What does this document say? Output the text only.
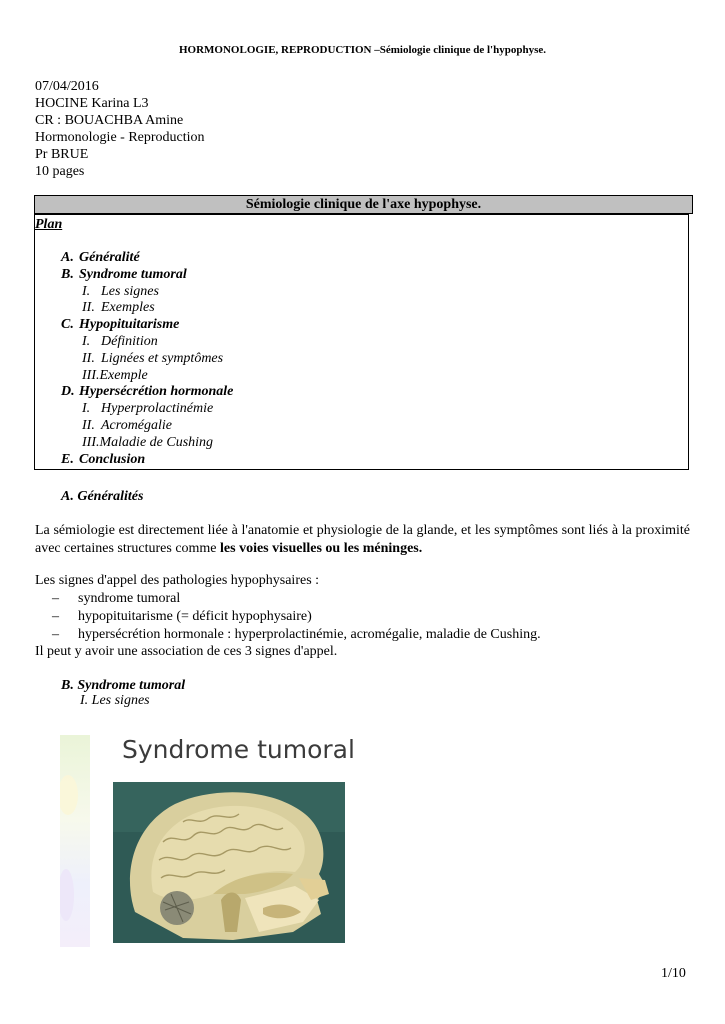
HORMONOLOGIE, REPRODUCTION –Sémiologie clinique de l'hypophyse.
07/04/2016
HOCINE Karina L3
CR : BOUACHBA Amine
Hormonologie - Reproduction
Pr BRUE
10 pages
Sémiologie clinique de l'axe hypophyse.
Plan
A. Généralité
B. Syndrome tumoral
I. Les signes
II. Exemples
C. Hypopituitarisme
I. Définition
II. Lignées et symptômes
III.Exemple
D. Hypersécrétion hormonale
I. Hyperprolactinémie
II. Acromégalie
III.Maladie de Cushing
E. Conclusion
A. Généralités
La sémiologie est directement liée à l'anatomie et physiologie de la glande, et les symptômes sont liés à la proximité avec certaines structures comme les voies visuelles ou les méninges.
Les signes d'appel des pathologies hypophysaires :
– syndrome tumoral
– hypopituitarisme (= déficit hypophysaire)
– hypersécrétion hormonale : hyperprolactinémie, acromégalie, maladie de Cushing.
Il peut y avoir une association de ces 3 signes d'appel.
B. Syndrome tumoral
I. Les signes
Syndrome tumoral
1/10
